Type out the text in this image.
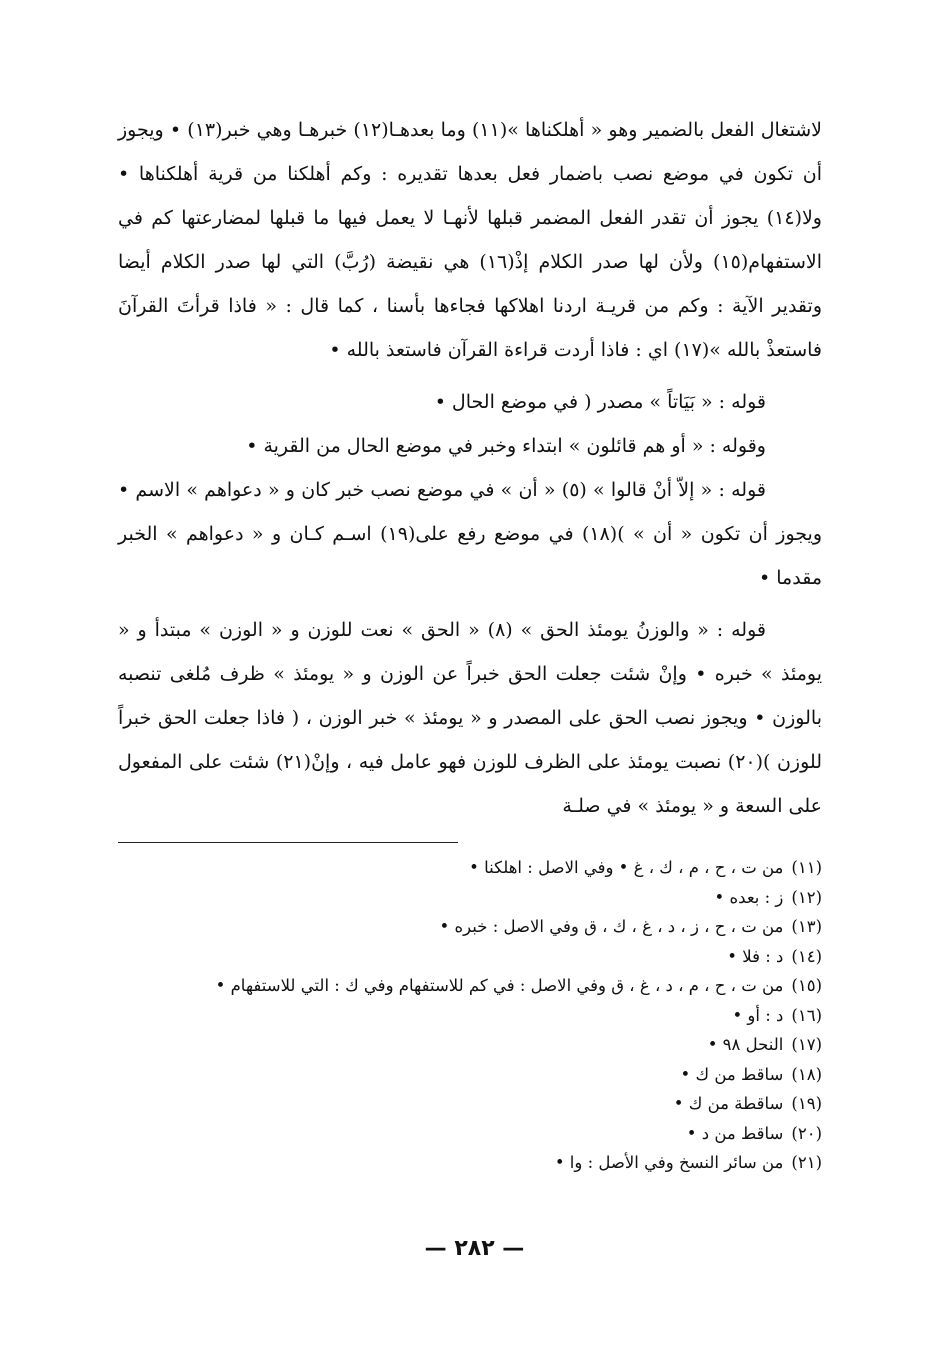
لاشتغال الفعل بالضمير وهو « أهلكناها »(١١) وما بعدهـا(١٢) خبرهـا وهي خبر(١٣) • ويجوز أن تكون في موضع نصب باضمار فعل بعدها تقديره : وكم أهلكنا من قرية أهلكناها • ولا(١٤) يجوز أن تقدر الفعل المضمر قبلها لأنهـا لا يعمل فيها ما قبلها لمضارعتها كم في الاستفهام(١٥) ولأن لها صدر الكلام إذْ(١٦) هي نقيضة (رُبَّ) التي لها صدر الكلام أيضا وتقدير الآية : وكم من قريـة اردنا اهلاكها فجاءها بأسنا ، كما قال : « فاذا قرأتَ القرآنَ فاستعذْ بالله »(١٧) اي : فاذا أردت قراءة القرآن فاستعذ بالله •

قوله : « بَيَاتاً » مصدر ( في موضع الحال •

وقوله : « أو هم قائلون » ابتداء وخبر في موضع الحال من القرية •

قوله : « إلاّ أنْ قالوا » (٥) « أن » في موضع نصب خبر كان و « دعواهم » الاسم • ويجوز أن تكون « أن » )(١٨) في موضع رفع على(١٩) اسـم كـان و « دعواهم » الخبر مقدما •

قوله : « والوزنُ يومئذ الحق » (٨) « الحق » نعت للوزن و « الوزن » مبتدأ و « يومئذ » خبره • وإنْ شئت جعلت الحق خبراً عن الوزن و « يومئذ » ظرف مُلغى تنصبه بالوزن • ويجوز نصب الحق على المصدر و « يومئذ » خبر الوزن ، ( فاذا جعلت الحق خبراً للوزن )(٢٠) نصبت يومئذ على الظرف للوزن فهو عامل فيه ، وإنْ(٢١) شئت على المفعول على السعة و « يومئذ » في صلـة

(١١)
من ت ، ح ، م ، ك ، غ • وفي الاصل : اهلكنا •
(١٢)
ز : بعده •
(١٣)
من ت ، ح ، ز ، د ، غ ، ك ، ق وفي الاصل : خبره •
(١٤)
د : فلا •
(١٥)
من ت ، ح ، م ، د ، غ ، ق وفي الاصل : في كم للاستفهام وفي ك : التي للاستفهام •
(١٦)
د : أو •
(١٧)
النحل ٩٨ •
(١٨)
ساقط من ك •
(١٩)
ساقطة من ك •
(٢٠)
ساقط من د •
(٢١)
من سائر النسخ وفي الأصل : وا •
— ٢٨٢ —
